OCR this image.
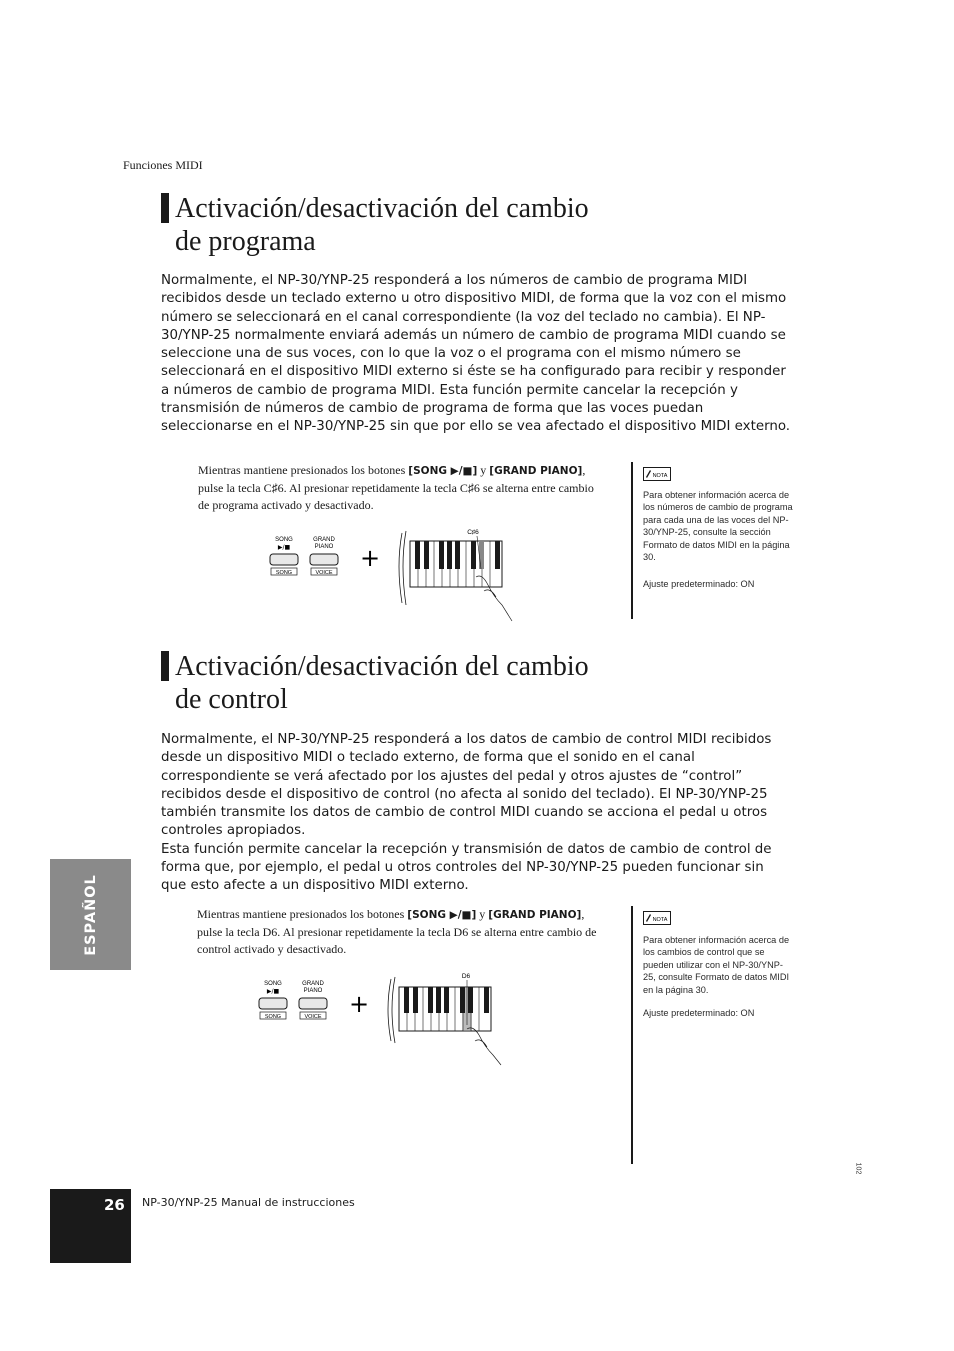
Funciones MIDI
Activación/desactivación del cambio
de programa
Normalmente, el NP-30/YNP-25 responderá a los números de cambio de programa MIDI recibidos desde un teclado externo u otro dispositivo MIDI, de forma que la voz con el mismo número se seleccionará en el canal correspondiente (la voz del teclado no cambia). El NP-30/YNP-25 normalmente enviará además un número de cambio de programa MIDI cuando se seleccione una de sus voces, con lo que la voz o el programa con el mismo número se seleccionará en el dispositivo MIDI externo si éste se ha configurado para recibir y responder a números de cambio de programa MIDI. Esta función permite cancelar la recepción y transmisión de números de cambio de programa de forma que las voces puedan seleccionarse en el NP-30/YNP-25 sin que por ello se vea afectado el dispositivo MIDI externo.
Mientras mantiene presionados los botones [SONG ▶/■] y [GRAND PIANO], pulse la tecla C♯6. Al presionar repetidamente la tecla C♯6 se alterna entre cambio de programa activado y desactivado.
SONG
▶/■
SONG
GRAND
PIANO
VOICE
+
C♯6
NOTA
Para obtener información acerca de los números de cambio de programa para cada una de las voces del NP-30/YNP-25, consulte la sección Formato de datos MIDI en la página 30.
Ajuste predeterminado: ON
Activación/desactivación del cambio
de control
Normalmente, el NP-30/YNP-25 responderá a los datos de cambio de control MIDI recibidos desde un dispositivo MIDI o teclado externo, de forma que el sonido en el canal correspondiente se verá afectado por los ajustes del pedal y otros ajustes de “control” recibidos desde el dispositivo de control (no afecta al sonido del teclado). El NP-30/YNP-25 también transmite los datos de cambio de control MIDI cuando se acciona el pedal u otros controles apropiados.
Esta función permite cancelar la recepción y transmisión de datos de cambio de control de forma que, por ejemplo, el pedal u otros controles del NP-30/YNP-25 pueden funcionar sin que esto afecte a un dispositivo MIDI externo.
Mientras mantiene presionados los botones [SONG ▶/■] y [GRAND PIANO], pulse la tecla D6. Al presionar repetidamente la tecla D6 se alterna entre cambio de control activado y desactivado.
SONG
▶/■
SONG
GRAND
PIANO
VOICE +
D6
NOTA
Para obtener información acerca de los cambios de control que se pueden utilizar con el NP-30/YNP-25, consulte Formato de datos MIDI en la página 30.
Ajuste predeterminado: ON
ESPAÑOL
26 NP-30/YNP-25 Manual de instrucciones
102
